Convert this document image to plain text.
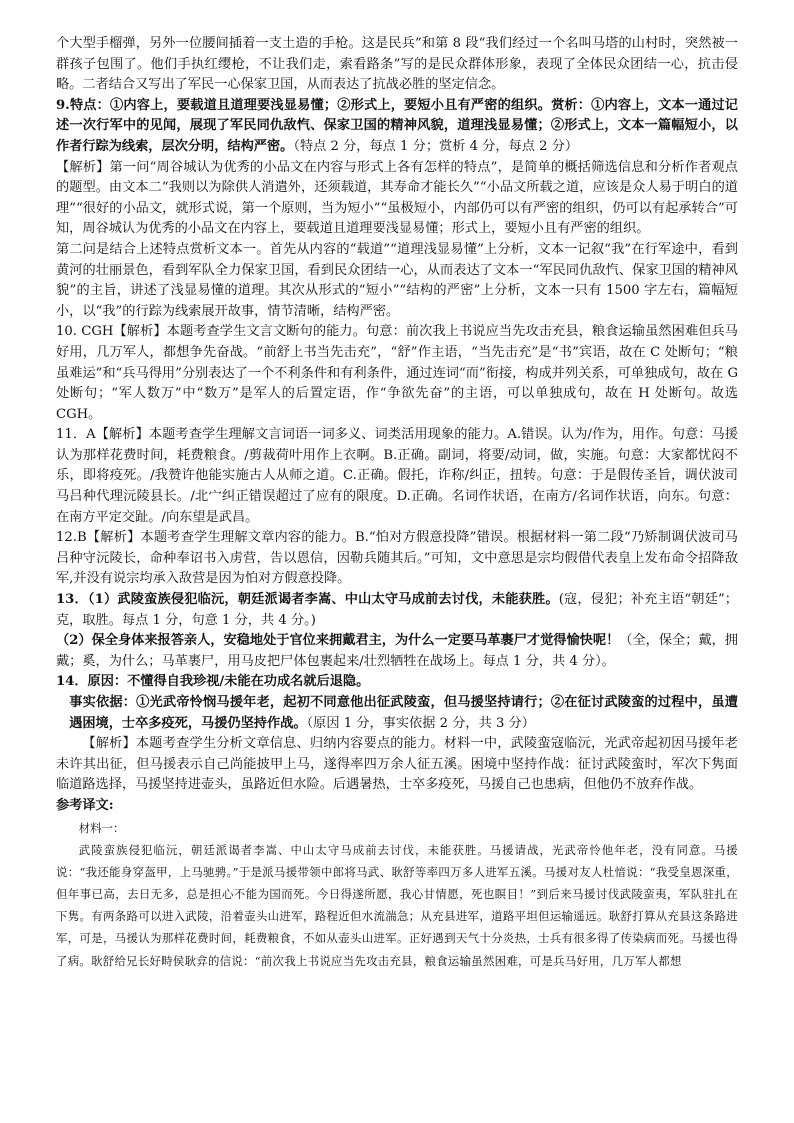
个大型手榴弹，另外一位腰间插着一支土造的手枪。这是民兵”和第 8 段“我们经过一个名叫马塔的山村时，突然被一群孩子包围了。他们手执红缨枪，不让我们走，索看路条”写的是民众群体形象，表现了全体民众团结一心，抗击侵略。二者结合又写出了军民一心保家卫国，从而表达了抗战必胜的坚定信念。

9.特点：①内容上，要载道且道理要浅显易懂；②形式上，要短小且有严密的组织。赏析：①内容上，文本一通过记述一次行军中的见闻，展现了军民同仇敌忾、保家卫国的精神风貌，道理浅显易懂；②形式上，文本一篇幅短小，以作者行踪为线索，层次分明，结构严密。（特点 2 分，每点 1 分；赏析 4 分，每点 2 分）

【解析】第一问“周谷城认为优秀的小品文在内容与形式上各有怎样的特点”，是简单的概括筛选信息和分析作者观点的题型。由文本二“我则以为除供人消遣外，还须载道，其寿命才能长久”“小品文所载之道，应该是众人易于明白的道理”“很好的小品文，就形式说，第一个原则，当为短小”“虽极短小，内部仍可以有严密的组织，仍可以有起承转合”可知，周谷城认为优秀的小品文在内容上，要载道且道理要浅显易懂；形式上，要短小且有严密的组织。

第二问是结合上述特点赏析文本一。首先从内容的“载道”“道理浅显易懂”上分析，文本一记叙“我”在行军途中，看到黄河的壮丽景色，看到军队全力保家卫国，看到民众团结一心，从而表达了文本一“军民同仇敌忾、保家卫国的精神风貌”的主旨，讲述了浅显易懂的道理。其次从形式的“短小”“结构的严密”上分析，文本一只有 1500 字左右，篇幅短小，以“我”的行踪为线索展开故事，情节清晰，结构严密。

10. CGH【解析】本题考查学生文言文断句的能力。句意：前次我上书说应当先攻击充县，粮食运输虽然困难但兵马好用，几万军人，都想争先奋战。“前舒上书当先击充”，“舒”作主语，“当先击充”是“书”宾语，故在 C 处断句；“粮虽难运”和“兵马得用”分别表达了一个不利条件和有利条件，通过连词“而”衔接，构成并列关系，可单独成句，故在 G 处断句；“军人数万”中“数万”是军人的后置定语，作“争欲先奋”的主语，可以单独成句，故在 H 处断句。故选 CGH。

11．A【解析】本题考查学生理解文言词语一词多义、词类活用现象的能力。A.错误。认为/作为，用作。句意：马援认为那样花费时间，耗费粮食。/剪裁荷叶用作上衣啊。B.正确。副词，将要/动词，做，实施。句意：大家都忧闷不乐，即将疫死。/我赞许他能实施古人从师之道。C.正确。假托，诈称/纠正，扭转。句意：于是假传圣旨，调伏波司马吕种代理沅陵县长。/北宀纠正错误超过了应有的限度。D.正确。名词作状语，在南方/名词作状语，向东。句意：在南方平定交趾。/向东望是武昌。

12.B【解析】本题考查学生理解文章内容的能力。B.“怕对方假意投降”错误。根据材料一第二段“乃矫制调伏波司马吕种守沅陵长，命种奉诏书入虏营，告以恩信，因勒兵随其后。”可知，文中意思是宗均假借代表皇上发布命令招降敌军,并没有说宗均承入敌营是因为怕对方假意投降。

13．（1）武陵蛮族侵犯临沅，朝廷派谒者李嵩、中山太守马成前去讨伐，未能获胜。(寇，侵犯；补充主语“朝廷”；克，取胜。每点 1 分，句意 1 分，共 4 分。)

（2）保全身体来报答亲人，安稳地处于官位来拥戴君主，为什么一定要马革裹尸才觉得愉快呢！（全，保全；戴，拥戴；奚，为什么；马革裹尸，用马皮把尸体包裹起来/壮烈牺牲在战场上。每点 1 分，共 4 分）。

14．原因：不懂得自我珍视/未能在功成名就后退隐。

事实依据：①光武帝怜悯马援年老，起初不同意他出征武陵蛮，但马援坚持请行；②在征讨武陵蛮的过程中，虽遭遇困境，士卒多疫死，马援仍坚持作战。（原因 1 分，事实依据 2 分，共 3 分）

【解析】本题考查学生分析文章信息、归纳内容要点的能力。材料一中，武陵蛮寇临沅，光武帝起初因马援年老未许其出征，但马援表示自己尚能披甲上马，遂得率四万余人征五溪。困境中坚持作战：征讨武陵蛮时，军次下隽面临道路选择，马援坚持进壶头，虽路近但水险。后遇暑热，士卒多疫死，马援自己也患病，但他仍不放弃作战。

参考译文:

材料一：

武陵蛮族侵犯临沅，朝廷派谒者李嵩、中山太守马成前去讨伐，未能获胜。马援请战，光武帝怜他年老，没有同意。马援说：“我还能身穿盔甲，上马驰骋。”于是派马援带领中郎将马武、耿舒等率四万多人进军五溪。马援对友人杜愔说：“我受皇恩深重，但年事已高，去日无多，总是担心不能为国而死。今日得遂所愿，我心甘情愿，死也瞑目！”到后来马援讨伐武陵蛮夷，军队驻扎在下隽。有两条路可以进入武陵，沿着壶头山进军，路程近但水流湍急；从充县进军，道路平坦但运输遥远。耿舒打算从充县这条路进军，可是，马援认为那样花费时间，耗费粮食，不如从壶头山进军。正好遇到天气十分炎热，士兵有很多得了传染病而死。马援也得了病。耿舒给兄长好畤侯耿弇的信说：“前次我上书说应当先攻击充县，粮食运输虽然困难，可是兵马好用，几万军人都想
